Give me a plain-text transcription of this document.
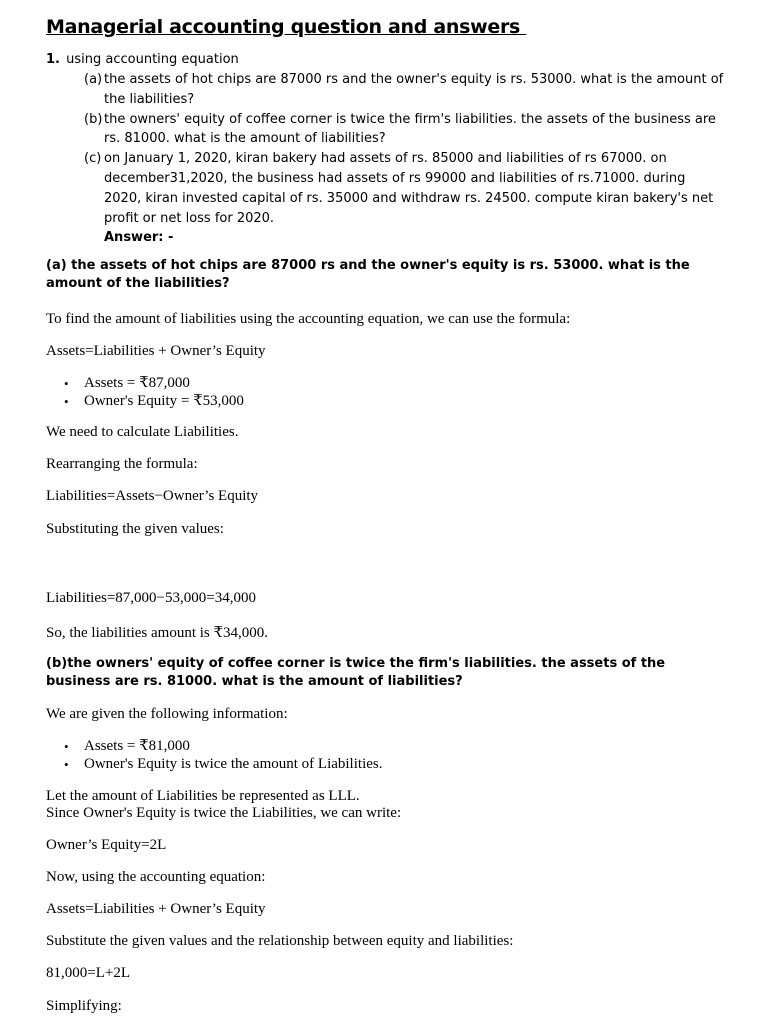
Managerial accounting question and answers
1. using accounting equation
(a) the assets of hot chips are 87000 rs and the owner's equity is rs. 53000. what is the amount of the liabilities?
(b) the owners' equity of coffee corner is twice the firm's liabilities. the assets of the business are rs. 81000. what is the amount of liabilities?
(c) on January 1, 2020, kiran bakery had assets of rs. 85000 and liabilities of rs 67000. on december31,2020, the business had assets of rs 99000 and liabilities of rs.71000. during 2020, kiran invested capital of rs. 35000 and withdraw rs. 24500. compute kiran bakery's net profit or net loss for 2020.
Answer: -
(a) the assets of hot chips are 87000 rs and the owner's equity is rs. 53000. what is the amount of the liabilities?
To find the amount of liabilities using the accounting equation, we can use the formula:
Assets=Liabilities + Owner’s Equity
• Assets = ₹87,000
• Owner's Equity = ₹53,000
We need to calculate Liabilities.
Rearranging the formula:
Liabilities=Assets−Owner’s Equity
Substituting the given values:
Liabilities=87,000−53,000=34,000
So, the liabilities amount is ₹34,000.
(b)the owners' equity of coffee corner is twice the firm's liabilities. the assets of the business are rs. 81000. what is the amount of liabilities?
We are given the following information:
• Assets = ₹81,000
• Owner's Equity is twice the amount of Liabilities.
Let the amount of Liabilities be represented as LLL.
Since Owner's Equity is twice the Liabilities, we can write:
Owner’s Equity=2L
Now, using the accounting equation:
Assets=Liabilities + Owner’s Equity
Substitute the given values and the relationship between equity and liabilities:
81,000=L+2L
Simplifying:
